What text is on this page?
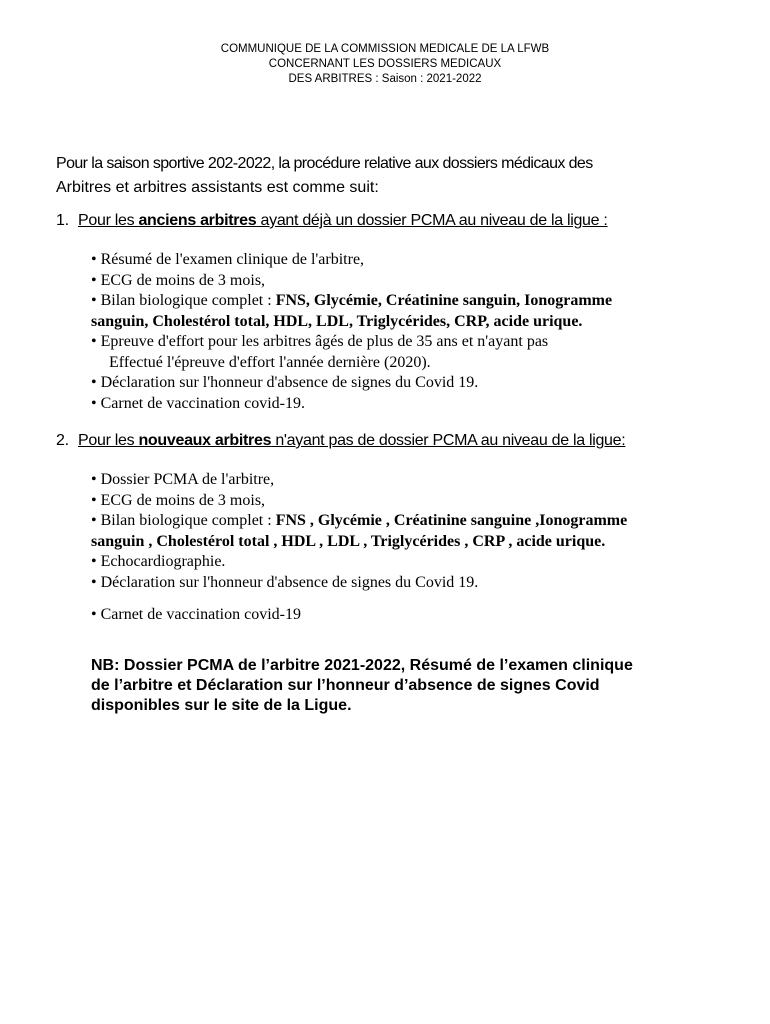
COMMUNIQUE DE LA COMMISSION MEDICALE DE LA LFWB
CONCERNANT LES DOSSIERS MEDICAUX
DES ARBITRES : Saison : 2021-2022
Pour la saison sportive 202-2022, la procédure relative aux dossiers médicaux des
Arbitres et arbitres assistants est comme suit:
1. Pour les anciens arbitres ayant déjà un dossier PCMA au niveau de la ligue :
• Résumé de l'examen clinique de l'arbitre,
• ECG de moins de 3 mois,
• Bilan biologique complet : FNS, Glycémie, Créatinine sanguin, Ionogramme
sanguin, Cholestérol total, HDL, LDL, Triglycérides, CRP, acide urique.
• Epreuve d'effort pour les arbitres âgés de plus de 35 ans et n'ayant pas
Effectué l'épreuve d'effort l'année dernière (2020).
• Déclaration sur l'honneur d'absence de signes du Covid 19.
• Carnet de vaccination covid-19.
2. Pour les nouveaux arbitres n'ayant pas de dossier PCMA au niveau de la ligue:
• Dossier PCMA de l'arbitre,
• ECG de moins de 3 mois,
• Bilan biologique complet : FNS , Glycémie , Créatinine sanguine ,Ionogramme
sanguin , Cholestérol total , HDL , LDL , Triglycérides , CRP , acide urique.
• Echocardiographie.
• Déclaration sur l'honneur d'absence de signes du Covid 19.
• Carnet de vaccination covid-19
NB: Dossier PCMA de l’arbitre 2021-2022, Résumé de l’examen clinique
de l’arbitre et Déclaration sur l’honneur d’absence de signes Covid
disponibles sur le site de la Ligue.
